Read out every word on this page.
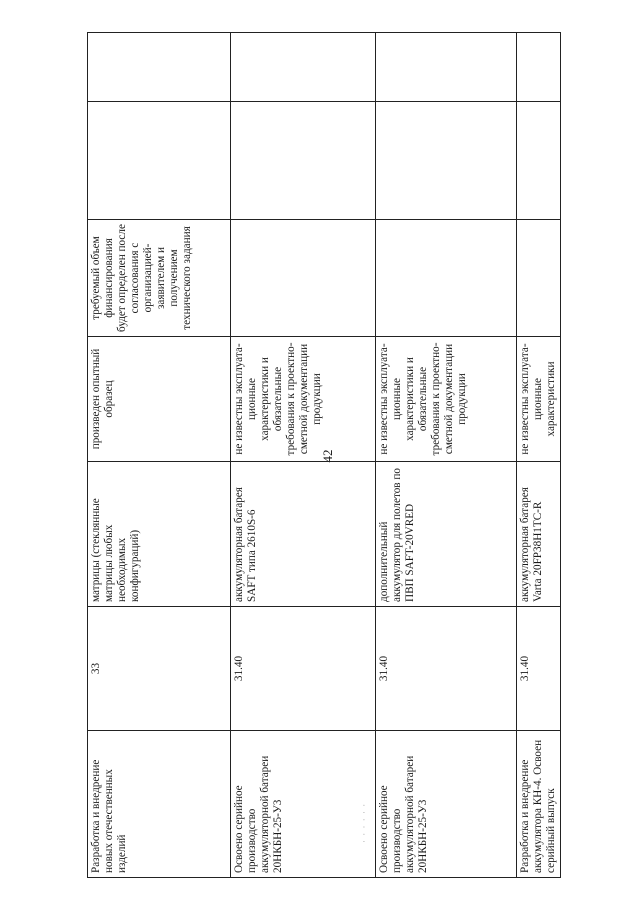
42
Разработка и внедрение новых отечественных изделий	33	матрицы (стеклянные матрицы любых необходимых конфигураций)	произведен опытный образец	требуемый объем финансирования будет определен после согласования с организацией-заявителем и получением технического задания		
Освоено серийное производство аккумуляторной батареи 20НКБН-25-У3 · · · · · ·	31.40	аккумуляторная батарея SAFT типа 2610S-6	не известны эксплуата-ционные характеристики и обязательные требования к проектно-сметной документации продукции			
Освоено серийное производство аккумуляторной батареи 20НКБН-25-У3	31.40	дополнительный аккумулятор для полетов по ПВП SAFT-20VRED	не известны эксплуата-ционные характеристики и обязательные требования к проектно-сметной документации продукции			
Разработка и внедрение аккумулятора КН-4. Освоен серийный выпуск	31.40	аккумуляторная батарея Varta 20FP38H1TC-R	не известны эксплуата-ционные характеристики			
